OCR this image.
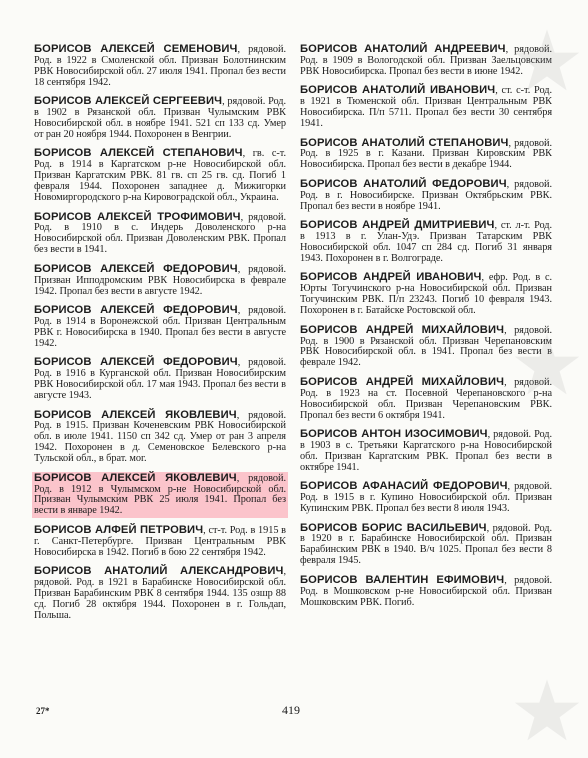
БОРИСОВ АЛЕКСЕЙ СЕМЕНОВИЧ, рядовой. Род. в 1922 в Смоленской обл. Призван Болотнинским РВК Новосибирской обл. 27 июля 1941. Пропал без вести 18 сентября 1942.

БОРИСОВ АЛЕКСЕЙ СЕРГЕЕВИЧ, рядовой. Род. в 1902 в Рязанской обл. Призван Чулымским РВК Новосибирской обл. в ноябре 1941. 521 сп 133 сд. Умер от ран 20 ноября 1944. Похоронен в Венгрии.

БОРИСОВ АЛЕКСЕЙ СТЕПАНОВИЧ, гв. с-т. Род. в 1914 в Каргатском р-не Новосибирской обл. Призван Каргатским РВК. 81 гв. сп 25 гв. сд. Погиб 1 февраля 1944. Похоронен западнее д. Мижигорки Новомиргородского р-на Кировоградской обл., Украина.

БОРИСОВ АЛЕКСЕЙ ТРОФИМОВИЧ, рядовой. Род. в 1910 в с. Индерь Доволенского р-на Новосибирской обл. Призван Доволенским РВК. Пропал без вести в 1941.

БОРИСОВ АЛЕКСЕЙ ФЕДОРОВИЧ, рядовой. Призван Ипподромским РВК Новосибирска в феврале 1942. Пропал без вести в августе 1942.

БОРИСОВ АЛЕКСЕЙ ФЕДОРОВИЧ, рядовой. Род. в 1914 в Воронежской обл. Призван Центральным РВК г. Новосибирска в 1940. Пропал без вести в августе 1942.

БОРИСОВ АЛЕКСЕЙ ФЕДОРОВИЧ, рядовой. Род. в 1916 в Курганской обл. Призван Новосибирским РВК Новосибирской обл. 17 мая 1943. Пропал без вести в августе 1943.

БОРИСОВ АЛЕКСЕЙ ЯКОВЛЕВИЧ, рядовой. Род. в 1915. Призван Коченевским РВК Новосибирской обл. в июле 1941. 1150 сп 342 сд. Умер от ран 3 апреля 1942. Похоронен в д. Семеновское Белевского р-на Тульской обл., в брат. мог.

БОРИСОВ АЛЕКСЕЙ ЯКОВЛЕВИЧ, рядовой. Род. в 1912 в Чулымском р-не Новосибирской обл. Призван Чулымским РВК 25 июля 1941. Пропал без вести в январе 1942.

БОРИСОВ АЛФЕЙ ПЕТРОВИЧ, ст-т. Род. в 1915 в г. Санкт-Петербурге. Призван Центральным РВК Новосибирска в 1942. Погиб в бою 22 сентября 1942.

БОРИСОВ АНАТОЛИЙ АЛЕКСАНДРОВИЧ, рядовой. Род. в 1921 в Барабинске Новосибирской обл. Призван Барабинским РВК 8 сентября 1944. 135 озшр 88 сд. Погиб 28 октября 1944. Похоронен в г. Гольдап, Польша.

БОРИСОВ АНАТОЛИЙ АНДРЕЕВИЧ, рядовой. Род. в 1909 в Вологодской обл. Призван Заельцовским РВК Новосибирска. Пропал без вести в июне 1942.

БОРИСОВ АНАТОЛИЙ ИВАНОВИЧ, ст. с-т. Род. в 1921 в Тюменской обл. Призван Центральным РВК Новосибирска. П/п 5711. Пропал без вести 30 сентября 1941.

БОРИСОВ АНАТОЛИЙ СТЕПАНОВИЧ, рядовой. Род. в 1925 в г. Казани. Призван Кировским РВК Новосибирска. Пропал без вести в декабре 1944.

БОРИСОВ АНАТОЛИЙ ФЕДОРОВИЧ, рядовой. Род. в г. Новосибирске. Призван Октябрьским РВК. Пропал без вести в ноябре 1941.

БОРИСОВ АНДРЕЙ ДМИТРИЕВИЧ, ст. л-т. Род. в 1913 в г. Улан-Удэ. Призван Татарским РВК Новосибирской обл. 1047 сп 284 сд. Погиб 31 января 1943. Похоронен в г. Волгограде.

БОРИСОВ АНДРЕЙ ИВАНОВИЧ, ефр. Род. в с. Юрты Тогучинского р-на Новосибирской обл. Призван Тогучинским РВК. П/п 23243. Погиб 10 февраля 1943. Похоронен в г. Батайске Ростовской обл.

БОРИСОВ АНДРЕЙ МИХАЙЛОВИЧ, рядовой. Род. в 1900 в Рязанской обл. Призван Черепановским РВК Новосибирской обл. в 1941. Пропал без вести в феврале 1942.

БОРИСОВ АНДРЕЙ МИХАЙЛОВИЧ, рядовой. Род. в 1923 на ст. Посевной Черепановского р-на Новосибирской обл. Призван Черепановским РВК. Пропал без вести 6 октября 1941.

БОРИСОВ АНТОН ИЗОСИМОВИЧ, рядовой. Род. в 1903 в с. Третьяки Каргатского р-на Новосибирской обл. Призван Каргатским РВК. Пропал без вести в октябре 1941.

БОРИСОВ АФАНАСИЙ ФЕДОРОВИЧ, рядовой. Род. в 1915 в г. Купино Новосибирской обл. Призван Купинским РВК. Пропал без вести 8 июля 1943.

БОРИСОВ БОРИС ВАСИЛЬЕВИЧ, рядовой. Род. в 1920 в г. Барабинске Новосибирской обл. Призван Барабинским РВК в 1940. В/ч 1025. Пропал без вести 8 февраля 1945.

БОРИСОВ ВАЛЕНТИН ЕФИМОВИЧ, рядовой. Род. в Мошковском р-не Новосибирской обл. Призван Мошковским РВК. Погиб.

27*	419
